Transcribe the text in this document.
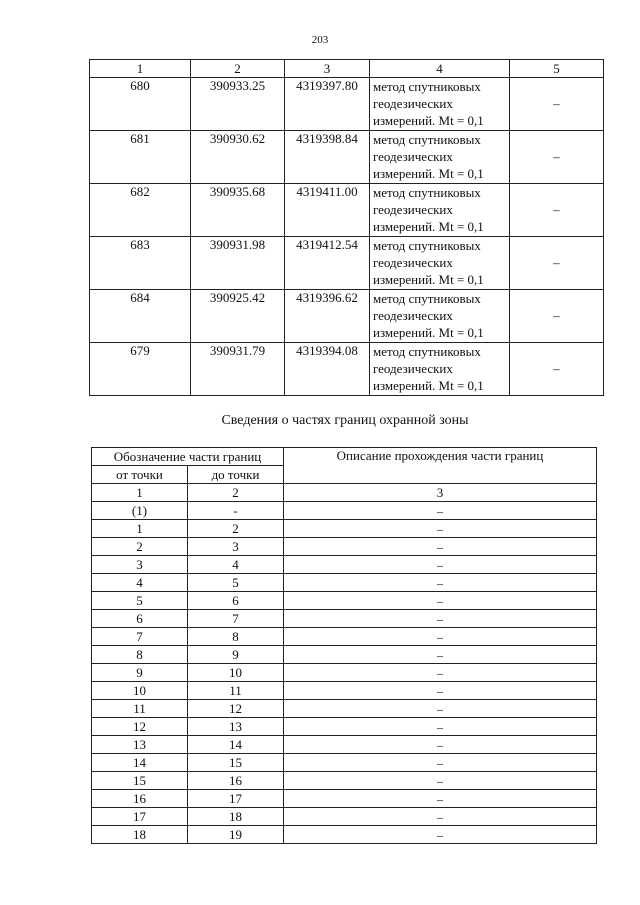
203
1	2	3	4	5
680	390933.25	4319397.80	метод спутниковых
геодезических
измерений. Mt = 0,1	–
681	390930.62	4319398.84	метод спутниковых
геодезических
измерений. Mt = 0,1	–
682	390935.68	4319411.00	метод спутниковых
геодезических
измерений. Mt = 0,1	–
683	390931.98	4319412.54	метод спутниковых
геодезических
измерений. Mt = 0,1	–
684	390925.42	4319396.62	метод спутниковых
геодезических
измерений. Mt = 0,1	–
679	390931.79	4319394.08	метод спутниковых
геодезических
измерений. Mt = 0,1	–
Сведения о частях границ охранной зоны
Обозначение части границ		Описание прохождения части границ
от точки	до точки	
1	2	3
(1)	-	–
1	2	–
2	3	–
3	4	–
4	5	–
5	6	–
6	7	–
7	8	–
8	9	–
9	10	–
10	11	–
11	12	–
12	13	–
13	14	–
14	15	–
15	16	–
16	17	–
17	18	–
18	19	–
